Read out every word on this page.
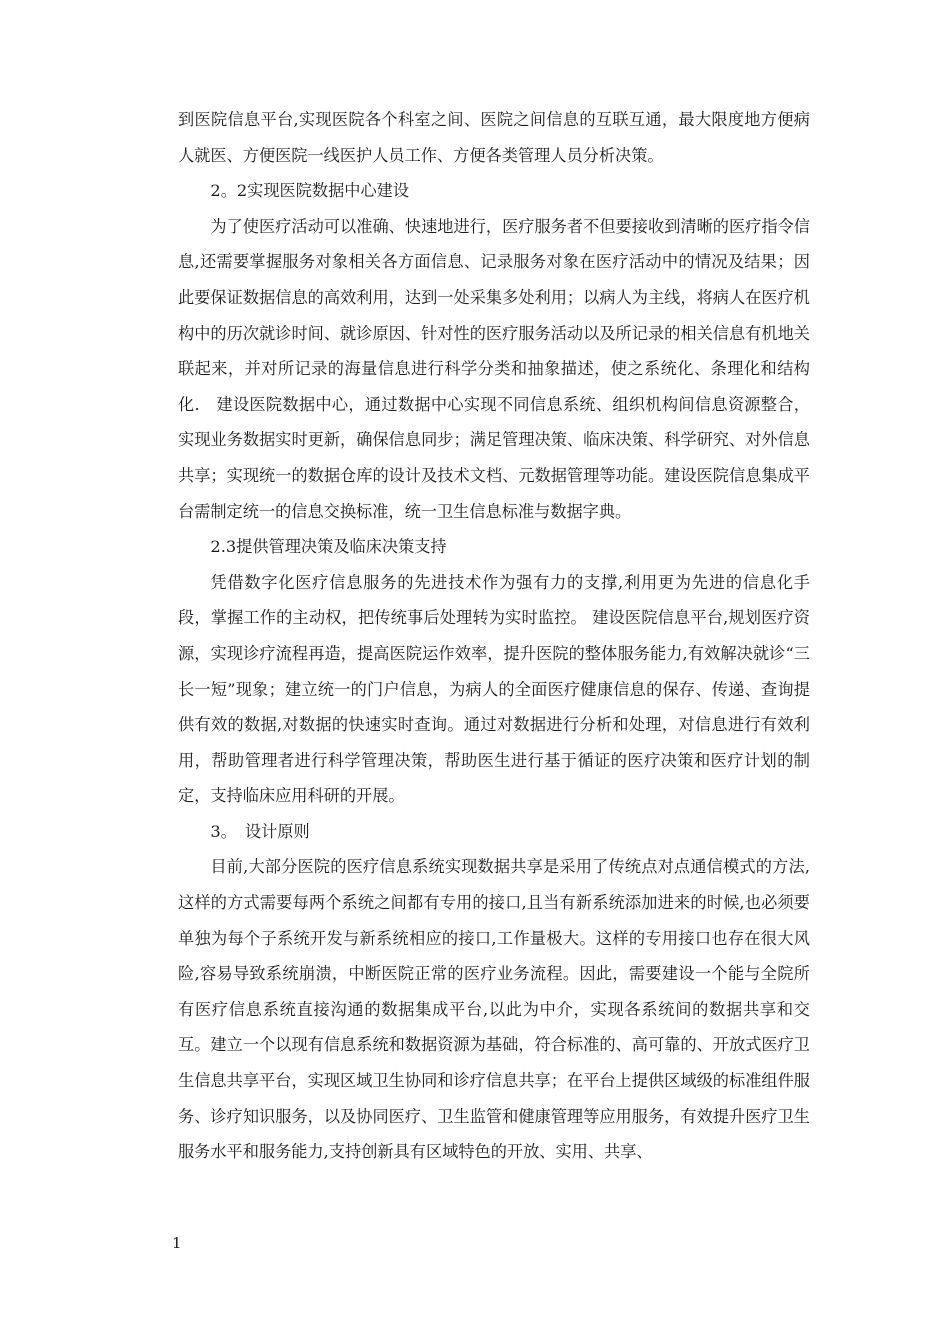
到医院信息平台,实现医院各个科室之间、医院之间信息的互联互通，最大限度地方便病人就医、方便医院一线医护人员工作、方便各类管理人员分析决策。

2。2实现医院数据中心建设

为了使医疗活动可以准确、快速地进行，医疗服务者不但要接收到清晰的医疗指令信息,还需要掌握服务对象相关各方面信息、记录服务对象在医疗活动中的情况及结果；因此要保证数据信息的高效利用，达到一处采集多处利用；以病人为主线，将病人在医疗机构中的历次就诊时间、就诊原因、针对性的医疗服务活动以及所记录的相关信息有机地关联起来，并对所记录的海量信息进行科学分类和抽象描述，使之系统化、条理化和结构化.　建设医院数据中心，通过数据中心实现不同信息系统、组织机构间信息资源整合，实现业务数据实时更新，确保信息同步；满足管理决策、临床决策、科学研究、对外信息共享；实现统一的数据仓库的设计及技术文档、元数据管理等功能。建设医院信息集成平台需制定统一的信息交换标准，统一卫生信息标准与数据字典。

2.3提供管理决策及临床决策支持

凭借数字化医疗信息服务的先进技术作为强有力的支撑,利用更为先进的信息化手段，掌握工作的主动权，把传统事后处理转为实时监控。 建设医院信息平台,规划医疗资源，实现诊疗流程再造，提高医院运作效率，提升医院的整体服务能力,有效解决就诊“三长一短”现象；建立统一的门户信息，为病人的全面医疗健康信息的保存、传递、查询提供有效的数据,对数据的快速实时查询。通过对数据进行分析和处理，对信息进行有效利用，帮助管理者进行科学管理决策，帮助医生进行基于循证的医疗决策和医疗计划的制定，支持临床应用科研的开展。

3。　设计原则

目前,大部分医院的医疗信息系统实现数据共享是采用了传统点对点通信模式的方法,这样的方式需要每两个系统之间都有专用的接口,且当有新系统添加进来的时候,也必须要单独为每个子系统开发与新系统相应的接口,工作量极大。这样的专用接口也存在很大风险,容易导致系统崩溃，中断医院正常的医疗业务流程。因此，需要建设一个能与全院所有医疗信息系统直接沟通的数据集成平台,以此为中介，实现各系统间的数据共享和交互。建立一个以现有信息系统和数据资源为基础，符合标准的、高可靠的、开放式医疗卫生信息共享平台，实现区域卫生协同和诊疗信息共享；在平台上提供区域级的标准组件服务、诊疗知识服务，以及协同医疗、卫生监管和健康管理等应用服务，有效提升医疗卫生服务水平和服务能力,支持创新具有区域特色的开放、实用、共享、

1
